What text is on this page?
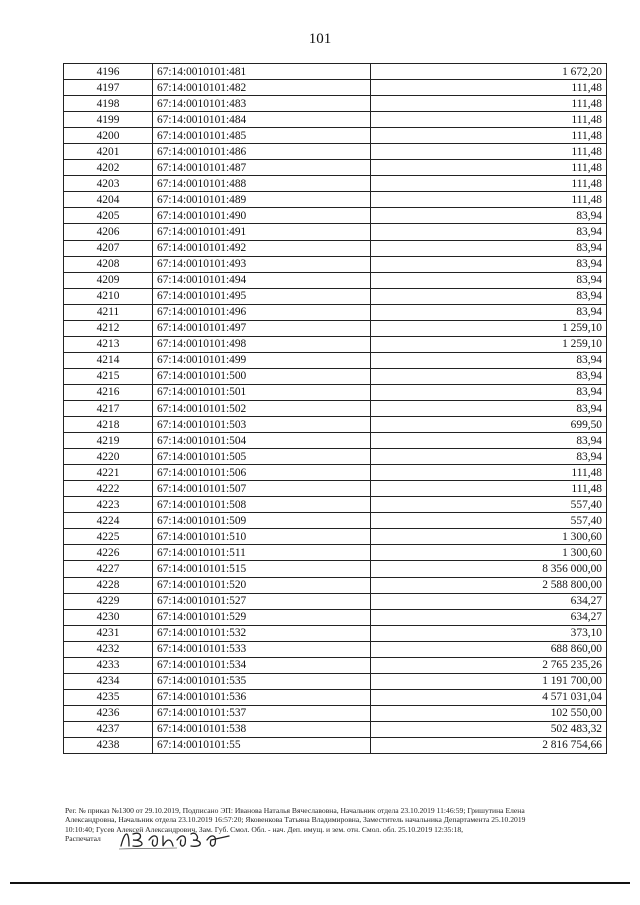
101
4196	67:14:0010101:481	1 672,20
4197	67:14:0010101:482	111,48
4198	67:14:0010101:483	111,48
4199	67:14:0010101:484	111,48
4200	67:14:0010101:485	111,48
4201	67:14:0010101:486	111,48
4202	67:14:0010101:487	111,48
4203	67:14:0010101:488	111,48
4204	67:14:0010101:489	111,48
4205	67:14:0010101:490	83,94
4206	67:14:0010101:491	83,94
4207	67:14:0010101:492	83,94
4208	67:14:0010101:493	83,94
4209	67:14:0010101:494	83,94
4210	67:14:0010101:495	83,94
4211	67:14:0010101:496	83,94
4212	67:14:0010101:497	1 259,10
4213	67:14:0010101:498	1 259,10
4214	67:14:0010101:499	83,94
4215	67:14:0010101:500	83,94
4216	67:14:0010101:501	83,94
4217	67:14:0010101:502	83,94
4218	67:14:0010101:503	699,50
4219	67:14:0010101:504	83,94
4220	67:14:0010101:505	83,94
4221	67:14:0010101:506	111,48
4222	67:14:0010101:507	111,48
4223	67:14:0010101:508	557,40
4224	67:14:0010101:509	557,40
4225	67:14:0010101:510	1 300,60
4226	67:14:0010101:511	1 300,60
4227	67:14:0010101:515	8 356 000,00
4228	67:14:0010101:520	2 588 800,00
4229	67:14:0010101:527	634,27
4230	67:14:0010101:529	634,27
4231	67:14:0010101:532	373,10
4232	67:14:0010101:533	688 860,00
4233	67:14:0010101:534	2 765 235,26
4234	67:14:0010101:535	1 191 700,00
4235	67:14:0010101:536	4 571 031,04
4236	67:14:0010101:537	102 550,00
4237	67:14:0010101:538	502 483,32
4238	67:14:0010101:55	2 816 754,66
Рег. № приказ №1300 от 29.10.2019, Подписано ЭП: Иванова Наталья Вячеславовна, Начальник отдела 23.10.2019 11:46:59; Гришутина Елена
Александровна, Начальник отдела 23.10.2019 16:57:20; Яковенкова Татьяна Владимировна, Заместитель начальника Департамента 25.10.2019
10:10:40; Гусев Алексей Александрович, Зам. Губ. Смол. Обл. - нач. Деп. имущ. и зем. отн. Смол. обл. 25.10.2019 12:35:18,
Распечатал
